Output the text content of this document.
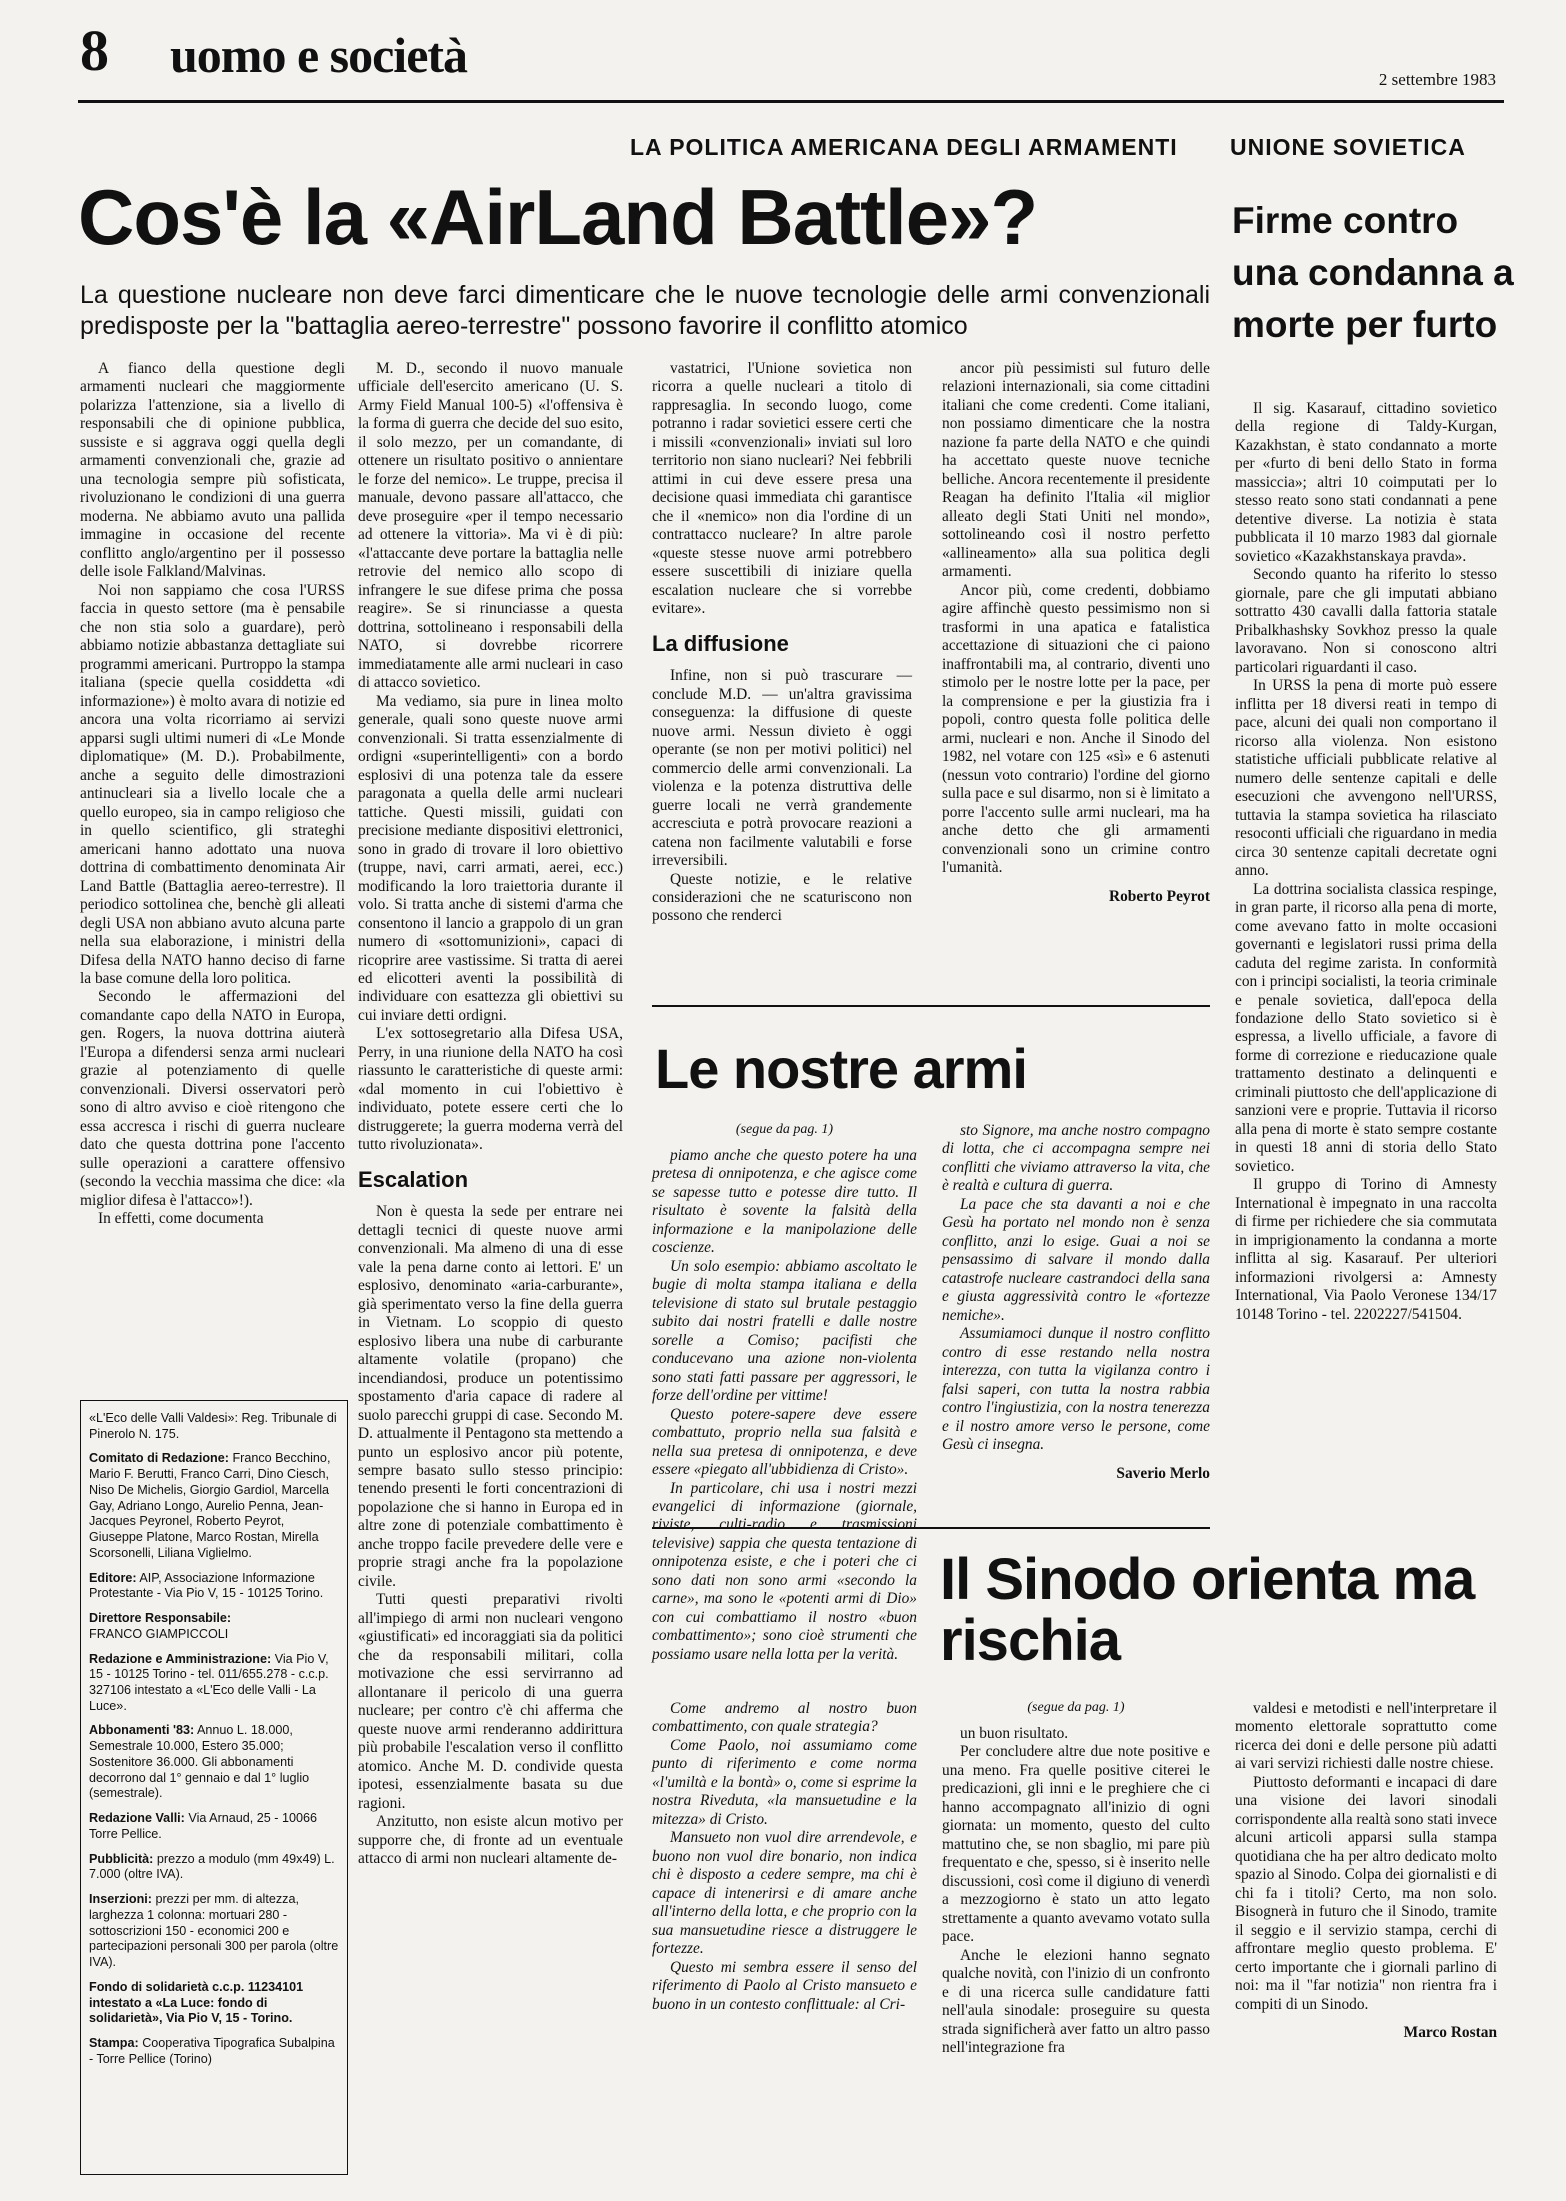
8 uomo e società	2 settembre 1983
LA POLITICA AMERICANA DEGLI ARMAMENTI
Cos'è la «AirLand Battle»?
La questione nucleare non deve farci dimenticare che le nuove tecnologie delle armi convenzionali predisposte per la "battaglia aereo-terrestre" possono favorire il conflitto atomico

A fianco della questione degli armamenti nucleari che maggiormente polarizza l'attenzione, sia a livello di responsabili che di opinione pubblica, sussiste e si aggrava oggi quella degli armamenti convenzionali che, grazie ad una tecnologia sempre più sofisticata, rivoluzionano le condizioni di una guerra moderna. Ne abbiamo avuto una pallida immagine in occasione del recente conflitto anglo/argentino per il possesso delle isole Falkland/Malvinas.

Noi non sappiamo che cosa l'URSS faccia in questo settore (ma è pensabile che non stia solo a guardare), però abbiamo notizie abbastanza dettagliate sui programmi americani. Purtroppo la stampa italiana (specie quella cosiddetta «di informazione») è molto avara di notizie ed ancora una volta ricorriamo ai servizi apparsi sugli ultimi numeri di «Le Monde diplomatique» (M. D.). Probabilmente, anche a seguito delle dimostrazioni antinucleari sia a livello locale che a quello europeo, sia in campo religioso che in quello scientifico, gli strateghi americani hanno adottato una nuova dottrina di combattimento denominata Air Land Battle (Battaglia aereo-terrestre). Il periodico sottolinea che, benchè gli alleati degli USA non abbiano avuto alcuna parte nella sua elaborazione, i ministri della Difesa della NATO hanno deciso di farne la base comune della loro politica.

Secondo le affermazioni del comandante capo della NATO in Europa, gen. Rogers, la nuova dottrina aiuterà l'Europa a difendersi senza armi nucleari grazie al potenziamento di quelle convenzionali. Diversi osservatori però sono di altro avviso e cioè ritengono che essa accresca i rischi di guerra nucleare dato che questa dottrina pone l'accento sulle operazioni a carattere offensivo (secondo la vecchia massima che dice: «la miglior difesa è l'attacco»!).

In effetti, come documenta

M. D., secondo il nuovo manuale ufficiale dell'esercito americano (U. S. Army Field Manual 100-5) «l'offensiva è la forma di guerra che decide del suo esito, il solo mezzo, per un comandante, di ottenere un risultato positivo o annientare le forze del nemico». Le truppe, precisa il manuale, devono passare all'attacco, che deve proseguire «per il tempo necessario ad ottenere la vittoria». Ma vi è di più: «l'attaccante deve portare la battaglia nelle retrovie del nemico allo scopo di infrangere le sue difese prima che possa reagire». Se si rinunciasse a questa dottrina, sottolineano i responsabili della NATO, si dovrebbe ricorrere immediatamente alle armi nucleari in caso di attacco sovietico.

Ma vediamo, sia pure in linea molto generale, quali sono queste nuove armi convenzionali. Si tratta essenzialmente di ordigni «superintelligenti» con a bordo esplosivi di una potenza tale da essere paragonata a quella delle armi nucleari tattiche. Questi missili, guidati con precisione mediante dispositivi elettronici, sono in grado di trovare il loro obiettivo (truppe, navi, carri armati, aerei, ecc.) modificando la loro traiettoria durante il volo. Si tratta anche di sistemi d'arma che consentono il lancio a grappolo di un gran numero di «sottomunizioni», capaci di ricoprire aree vastissime. Si tratta di aerei ed elicotteri aventi la possibilità di individuare con esattezza gli obiettivi su cui inviare detti ordigni.

L'ex sottosegretario alla Difesa USA, Perry, in una riunione della NATO ha così riassunto le caratteristiche di queste armi: «dal momento in cui l'obiettivo è individuato, potete essere certi che lo distruggerete; la guerra moderna verrà del tutto rivoluzionata».

Escalation

Non è questa la sede per entrare nei dettagli tecnici di queste nuove armi convenzionali. Ma almeno di una di esse vale la pena darne conto ai lettori. E' un esplosivo, denominato «aria-carburante», già sperimentato verso la fine della guerra in Vietnam. Lo scoppio di questo esplosivo libera una nube di carburante altamente volatile (propano) che incendiandosi, produce un potentissimo spostamento d'aria capace di radere al suolo parecchi gruppi di case. Secondo M. D. attualmente il Pentagono sta mettendo a punto un esplosivo ancor più potente, sempre basato sullo stesso principio: tenendo presenti le forti concentrazioni di popolazione che si hanno in Europa ed in altre zone di potenziale combattimento è anche troppo facile prevedere delle vere e proprie stragi anche fra la popolazione civile.

Tutti questi preparativi rivolti all'impiego di armi non nucleari vengono «giustificati» ed incoraggiati sia da politici che da responsabili militari, colla motivazione che essi servirranno ad allontanare il pericolo di una guerra nucleare; per contro c'è chi afferma che queste nuove armi renderanno addirittura più probabile l'escalation verso il conflitto atomico. Anche M. D. condivide questa ipotesi, essenzialmente basata su due ragioni.

Anzitutto, non esiste alcun motivo per supporre che, di fronte ad un eventuale attacco di armi non nucleari altamente de-

vastatrici, l'Unione sovietica non ricorra a quelle nucleari a titolo di rappresaglia. In secondo luogo, come potranno i radar sovietici essere certi che i missili «convenzionali» inviati sul loro territorio non siano nucleari? Nei febbrili attimi in cui deve essere presa una decisione quasi immediata chi garantisce che il «nemico» non dia l'ordine di un contrattacco nucleare? In altre parole «queste stesse nuove armi potrebbero essere suscettibili di iniziare quella escalation nucleare che si vorrebbe evitare».

La diffusione

Infine, non si può trascurare — conclude M.D. — un'altra gravissima conseguenza: la diffusione di queste nuove armi. Nessun divieto è oggi operante (se non per motivi politici) nel commercio delle armi convenzionali. La violenza e la potenza distruttiva delle guerre locali ne verrà grandemente accresciuta e potrà provocare reazioni a catena non facilmente valutabili e forse irreversibili.

Queste notizie, e le relative considerazioni che ne scaturiscono non possono che renderci

ancor più pessimisti sul futuro delle relazioni internazionali, sia come cittadini italiani che come credenti. Come italiani, non possiamo dimenticare che la nostra nazione fa parte della NATO e che quindi ha accettato queste nuove tecniche belliche. Ancora recentemente il presidente Reagan ha definito l'Italia «il miglior alleato degli Stati Uniti nel mondo», sottolineando così il nostro perfetto «allineamento» alla sua politica degli armamenti.

Ancor più, come credenti, dobbiamo agire affinchè questo pessimismo non si trasformi in una apatica e fatalistica accettazione di situazioni che ci paiono inaffrontabili ma, al contrario, diventi uno stimolo per le nostre lotte per la pace, per la comprensione e per la giustizia fra i popoli, contro questa folle politica delle armi, nucleari e non. Anche il Sinodo del 1982, nel votare con 125 «sì» e 6 astenuti (nessun voto contrario) l'ordine del giorno sulla pace e sul disarmo, non si è limitato a porre l'accento sulle armi nucleari, ma ha anche detto che gli armamenti convenzionali sono un crimine contro l'umanità.

Roberto Peyrot

Le nostre armi

(segue da pag. 1)

piamo anche che questo potere ha una pretesa di onnipotenza, e che agisce come se sapesse tutto e potesse dire tutto. Il risultato è soventе la falsità della informazione e la manipolazione delle coscienze.

Un solo esempio: abbiamo ascoltato le bugie di molta stampa italiana e della televisione di stato sul brutale pestaggio subito dai nostri fratelli e dalle nostre sorelle a Comiso; pacifisti che conducevano una azione non-violenta sono stati fatti passare per aggressori, le forze dell'ordine per vittime!

Questo potere-sapere deve essere combattuto, proprio nella sua falsità e nella sua pretesa di onnipotenza, e deve essere «piegato all'ubbidienza di Cristo».

In particolare, chi usa i nostri mezzi evangelici di informazione (giornale, riviste, culti-radio e trasmissioni televisive) sappia che questa tentazione di onnipotenza esiste, e che i poteri che ci sono dati non sono armi «secondo la carne», ma sono le «potenti armi di Dio» con cui combattiamo il nostro «buon combattimento»; sono cioè strumenti che possiamo usare nella lotta per la verità.

sto Signore, ma anche nostro compagno di lotta, che ci accompagna sempre nei conflitti che viviamo attraverso la vita, che è realtà e cultura di guerra.

La pace che sta davanti a noi e che Gesù ha portato nel mondo non è senza conflitto, anzi lo esige. Guai a noi se pensassimo di salvare il mondo dalla catastrofe nucleare castrandoci della sana e giusta aggressività contro le «fortezze nemiche».

Assumiamoci dunque il nostro conflitto contro di esse restando nella nostra interezza, con tutta la vigilanza contro i falsi saperi, con tutta la nostra rabbia contro l'ingiustizia, con la nostra tenerezza e il nostro amore verso le persone, come Gesù ci insegna.

Saverio Merlo

Il Sinodo orienta ma rischia

Come andremo al nostro buon combattimento, con quale strategia?

Come Paolo, noi assumiamo come punto di riferimento e come norma «l'umiltà e la bontà» o, come si esprime la nostra Riveduta, «la mansuetudine e la mitezza» di Cristo.

Mansueto non vuol dire arrendevole, e buono non vuol dire bonario, non indica chi è disposto a cedere sempre, ma chi è capace di intenerirsi e di amare anche all'interno della lotta, e che proprio con la sua mansuetudine riesce a distruggere le fortezze.

Questo mi sembra essere il senso del riferimento di Paolo al Cristo mansueto e buono in un contesto conflittuale: al Cri-

(segue da pag. 1)

un buon risultato.

Per concludere altre due note positive e una meno. Fra quelle positive citerei le predicazioni, gli inni e le preghiere che ci hanno accompagnato all'inizio di ogni giornata: un momento, questo del culto mattutino che, se non sbaglio, mi pare più frequentato e che, spesso, si è inserito nelle discussioni, così come il digiuno di venerdì a mezzogiorno è stato un atto legato strettamente a quanto avevamo votato sulla pace.

Anche le elezioni hanno segnato qualche novità, con l'inizio di un confronto e di una ricerca sulle candidature fatti nell'aula sinodale: proseguire su questa strada significherà aver fatto un altro passo nell'integrazione fra

valdesi e metodisti e nell'interpretare il momento elettorale soprattutto come ricerca dei doni e delle persone più adatti ai vari servizi richiesti dalle nostre chiese.

Piuttosto deformanti e incapaci di dare una visione dei lavori sinodali corrispondente alla realtà sono stati invece alcuni articoli apparsi sulla stampa quotidiana che ha per altro dedicato molto spazio al Sinodo. Colpa dei giornalisti e di chi fa i titoli? Certo, ma non solo. Bisognerà in futuro che il Sinodo, tramite il seggio e il servizio stampa, cerchi di affrontare meglio questo problema. E' certo importante che i giornali parlino di noi: ma il "far notizia" non rientra fra i compiti di un Sinodo.

Marco Rostan

UNIONE SOVIETICA
Firme contro una condanna a morte per furto

Il sig. Kasarauf, cittadino sovietico della regione di Taldy-Kurgan, Kazakhstan, è stato condannato a morte per «furto di beni dello Stato in forma massiccia»; altri 10 coimputati per lo stesso reato sono stati condannati a pene detentive diverse. La notizia è stata pubblicata il 10 marzo 1983 dal giornale sovietico «Kazakhstanskaya pravda».

Secondo quanto ha riferito lo stesso giornale, pare che gli imputati abbiano sottratto 430 cavalli dalla fattoria statale Pribalkhashsky Sovkhoz presso la quale lavoravano. Non si conoscono altri particolari riguardanti il caso.

In URSS la pena di morte può essere inflitta per 18 diversi reati in tempo di pace, alcuni dei quali non comportano il ricorso alla violenza. Non esistono statistiche ufficiali pubblicate relative al numero delle sentenze capitali e delle esecuzioni che avvengono nell'URSS, tuttavia la stampa sovietica ha rilasciato resoconti ufficiali che riguardano in media circa 30 sentenze capitali decretate ogni anno.

La dottrina socialista classica respinge, in gran parte, il ricorso alla pena di morte, come avevano fatto in molte occasioni governanti e legislatori russi prima della caduta del regime zarista. In conformità con i principi socialisti, la teoria criminale e penale sovietica, dall'epoca della fondazione dello Stato sovietico si è espressa, a livello ufficiale, a favore di forme di correzione e rieducazione quale trattamento destinato a delinquenti e criminali piuttosto che dell'applicazione di sanzioni vere e proprie. Tuttavia il ricorso alla pena di morte è stato sempre costante in questi 18 anni di storia dello Stato sovietico.

Il gruppo di Torino di Amnesty International è impegnato in una raccolta di firme per richiedere che sia commutata in imprigionamento la condanna a morte inflitta al sig. Kasarauf. Per ulteriori informazioni rivolgersi a: Amnesty International, Via Paolo Veronese 134/17 10148 Torino - tel. 2202227/541504.

«L'Eco delle Valli Valdesi»: Reg. Tribunale di Pinerolo N. 175.
Comitato di Redazione: Franco Becchino, Mario F. Berutti, Franco Carri, Dino Ciesch, Niso De Michelis, Giorgio Gardiol, Marcella Gay, Adriano Longo, Aurelio Penna, Jean-Jacques Peyronel, Roberto Peyrot, Giuseppe Platone, Marco Rostan, Mirella Scorsonelli, Liliana Viglielmo.
Editore: AIP, Associazione Informazione Protestante - Via Pio V, 15 - 10125 Torino.
Direttore Responsabile:
FRANCO GIAMPICCOLI
Redazione e Amministrazione: Via Pio V, 15 - 10125 Torino - tel. 011/655.278 - c.c.p. 327106 intestato a «L'Eco delle Valli - La Luce».
Abbonamenti '83: Annuo L. 18.000, Semestrale 10.000, Estero 35.000; Sostenitore 36.000. Gli abbonamenti decorrono dal 1° gennaio e dal 1° luglio (semestrale).
Redazione Valli: Via Arnaud, 25 - 10066 Torre Pellice.
Pubblicità: prezzo a modulo (mm 49x49) L. 7.000 (oltre IVA).
Inserzioni: prezzi per mm. di altezza, larghezza 1 colonna: mortuari 280 - sottoscrizioni 150 - economici 200 e partecipazioni personali 300 per parola (oltre IVA).
Fondo di solidarietà c.c.p. 11234101 intestato a «La Luce: fondo di solidarietà», Via Pio V, 15 - Torino.
Stampa: Cooperativa Tipografica Subalpina - Torre Pellice (Torino)
